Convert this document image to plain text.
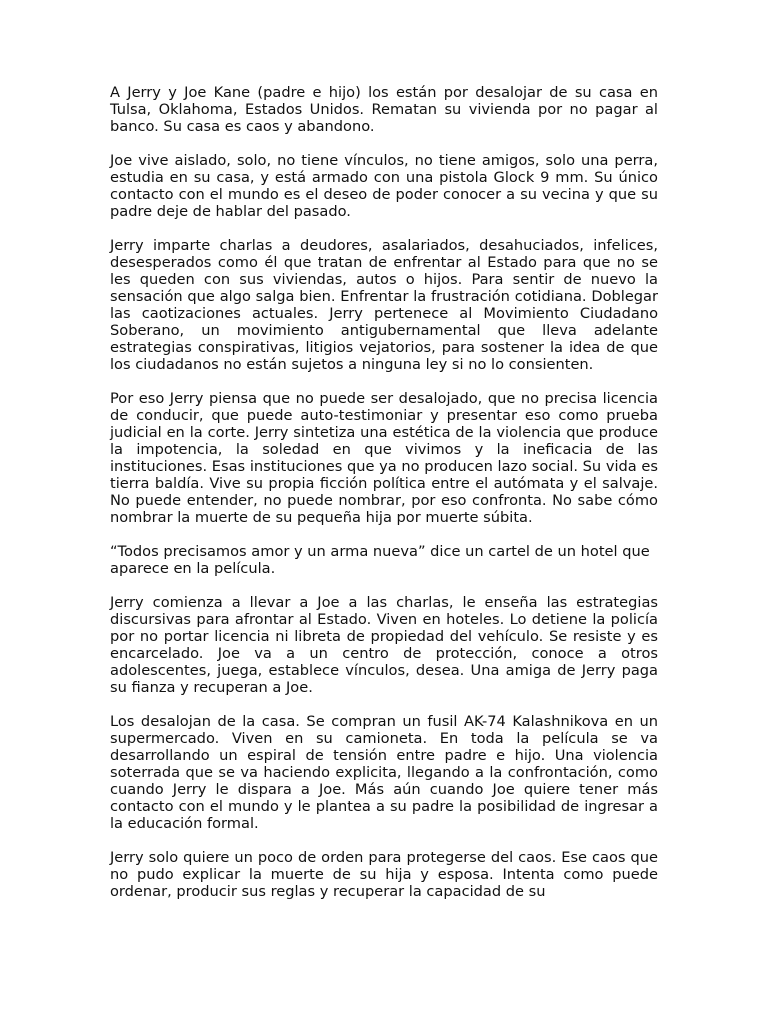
A Jerry y Joe Kane (padre e hijo) los están por desalojar de su casa en Tulsa, Oklahoma, Estados Unidos. Rematan su vivienda por no pagar al banco. Su casa es caos y abandono.

Joe vive aislado, solo, no tiene vínculos, no tiene amigos, solo una perra, estudia en su casa, y está armado con una pistola Glock 9 mm. Su único contacto con el mundo es el deseo de poder conocer a su vecina y que su padre deje de hablar del pasado.

Jerry imparte charlas a deudores, asalariados, desahuciados, infelices, desesperados como él que tratan de enfrentar al Estado para que no se les queden con sus viviendas, autos o hijos. Para sentir de nuevo la sensación que algo salga bien. Enfrentar la frustración cotidiana. Doblegar las caotizaciones actuales. Jerry pertenece al Movimiento Ciudadano Soberano, un movimiento antigubernamental que lleva adelante estrategias conspirativas, litigios vejatorios, para sostener la idea de que los ciudadanos no están sujetos a ninguna ley si no lo consienten.

Por eso Jerry piensa que no puede ser desalojado, que no precisa licencia de conducir, que puede auto-testimoniar y presentar eso como prueba judicial en la corte. Jerry sintetiza una estética de la violencia que produce la impotencia, la soledad en que vivimos y la ineficacia de las instituciones. Esas instituciones que ya no producen lazo social. Su vida es tierra baldía. Vive su propia ficción política entre el autómata y el salvaje. No puede entender, no puede nombrar, por eso confronta. No sabe cómo nombrar la muerte de su pequeña hija por muerte súbita.

“Todos precisamos amor y un arma nueva” dice un cartel de un hotel que aparece en la película.

Jerry comienza a llevar a Joe a las charlas, le enseña las estrategias discursivas para afrontar al Estado. Viven en hoteles. Lo detiene la policía por no portar licencia ni libreta de propiedad del vehículo. Se resiste y es encarcelado. Joe va a un centro de protección, conoce a otros adolescentes, juega, establece vínculos, desea. Una amiga de Jerry paga su fianza y recuperan a Joe.

Los desalojan de la casa. Se compran un fusil AK-74 Kalashnikova en un supermercado. Viven en su camioneta. En toda la película se va desarrollando un espiral de tensión entre padre e hijo. Una violencia soterrada que se va haciendo explicita, llegando a la confrontación, como cuando Jerry le dispara a Joe. Más aún cuando Joe quiere tener más contacto con el mundo y le plantea a su padre la posibilidad de ingresar a la educación formal.

Jerry solo quiere un poco de orden para protegerse del caos. Ese caos que no pudo explicar la muerte de su hija y esposa. Intenta como puede ordenar, producir sus reglas y recuperar la capacidad de su
